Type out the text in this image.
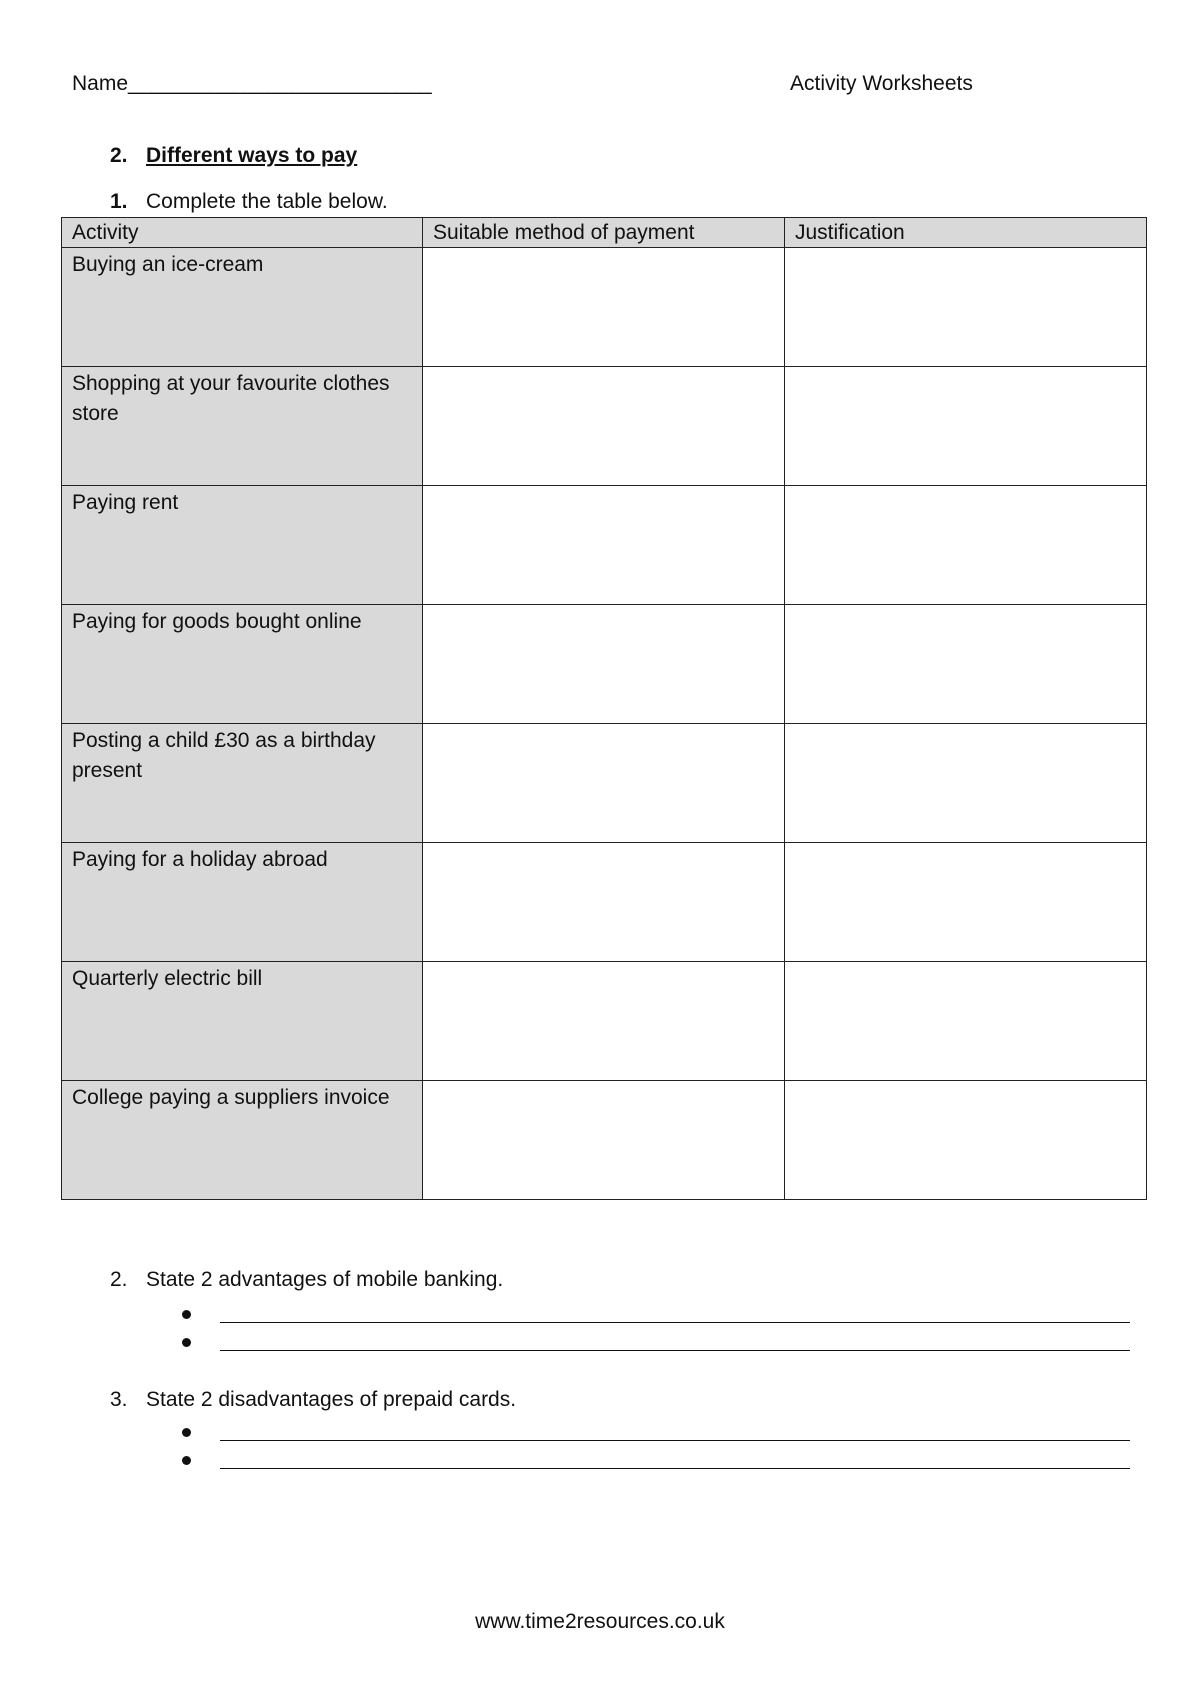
Name__________________________	Activity Worksheets
2. Different ways to pay
1. Complete the table below.
Activity	Suitable method of payment	Justification
Buying an ice-cream		
Shopping at your favourite clothes store		
Paying rent		
Paying for goods bought online		
Posting a child £30 as a birthday present		
Paying for a holiday abroad		
Quarterly electric bill		
College paying a suppliers invoice		
2. State 2 advantages of mobile banking.
3. State 2 disadvantages of prepaid cards.
www.time2resources.co.uk
